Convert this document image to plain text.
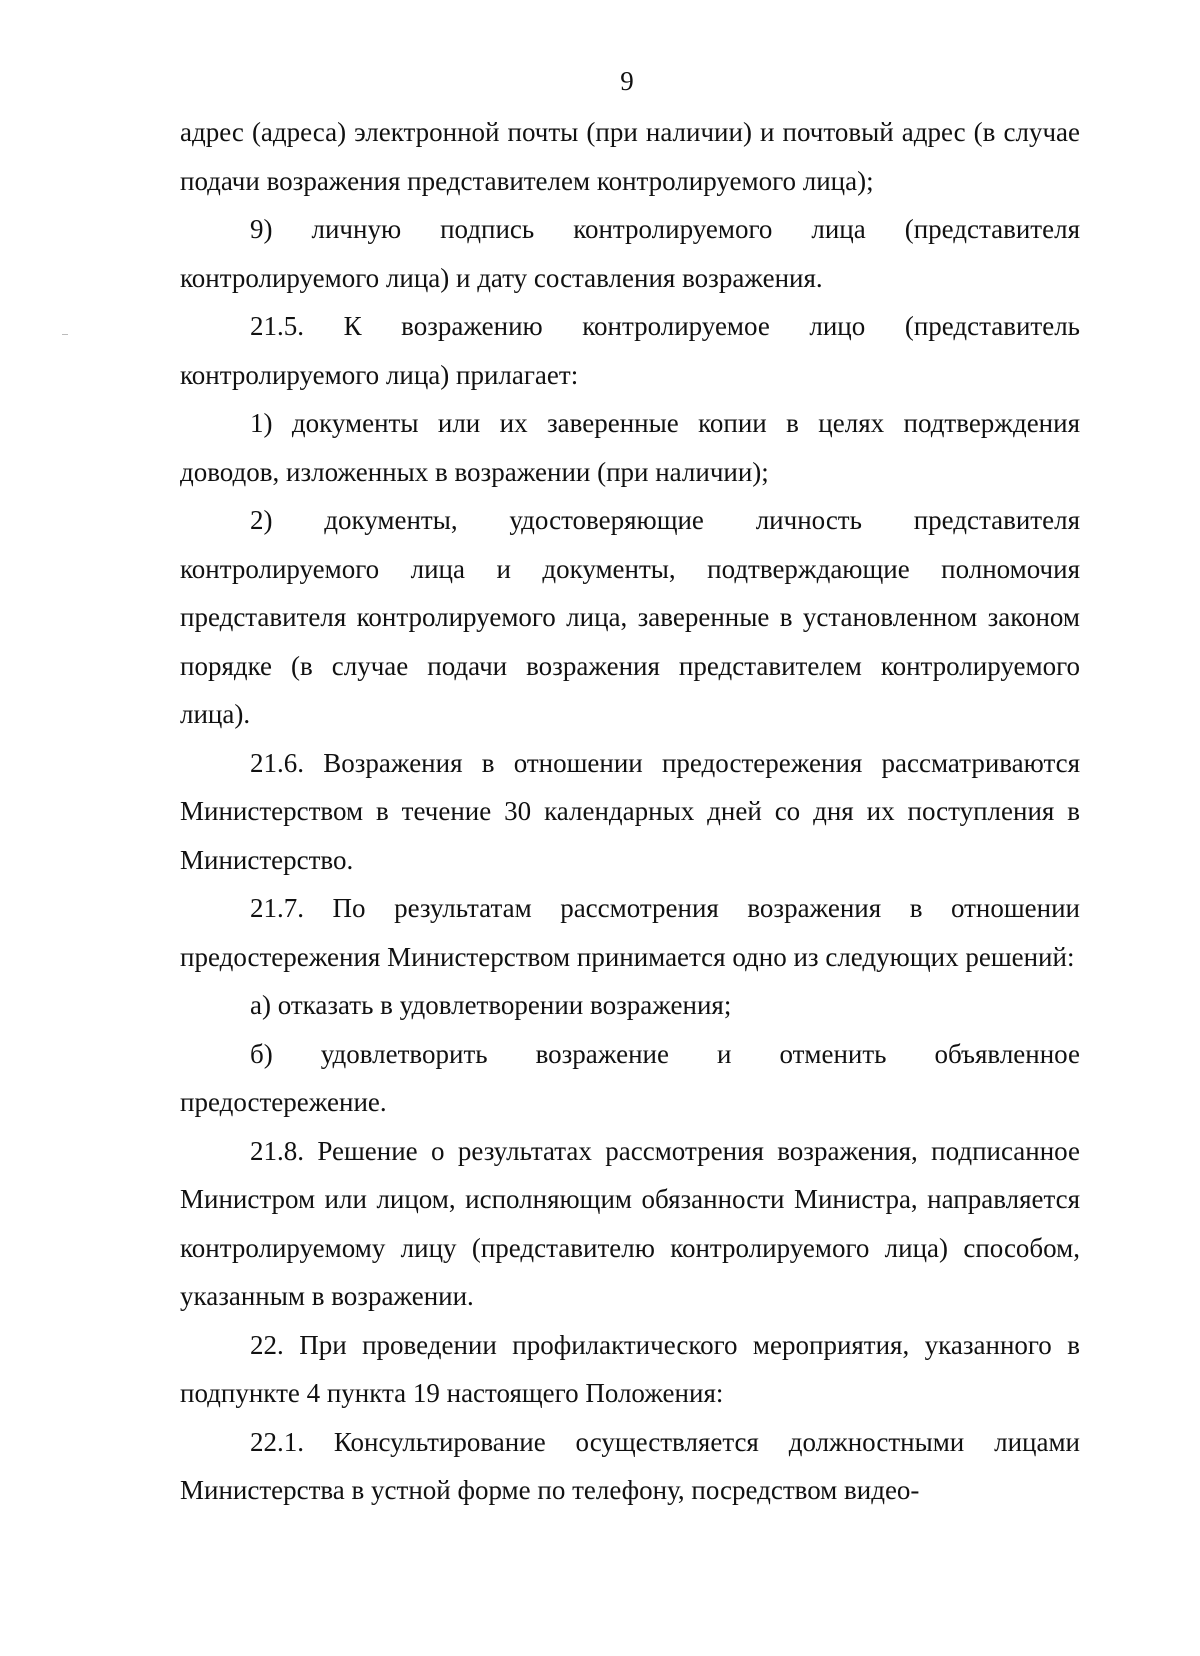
9

адрес (адреса) электронной почты (при наличии) и почтовый адрес (в случае подачи возражения представителем контролируемого лица);

9) личную подпись контролируемого лица (представителя контролируемого лица) и дату составления возражения.

21.5. К возражению контролируемое лицо (представитель контролируемого лица) прилагает:

1) документы или их заверенные копии в целях подтверждения доводов, изложенных в возражении (при наличии);

2) документы, удостоверяющие личность представителя контролируемого лица и документы, подтверждающие полномочия представителя контролируемого лица, заверенные в установленном законом порядке (в случае подачи возражения представителем контролируемого лица).

21.6. Возражения в отношении предостережения рассматриваются Министерством в течение 30 календарных дней со дня их поступления в Министерство.

21.7. По результатам рассмотрения возражения в отношении предостережения Министерством принимается одно из следующих решений:

а) отказать в удовлетворении возражения;

б) удовлетворить возражение и отменить объявленное предостережение.

21.8. Решение о результатах рассмотрения возражения, подписанное Министром или лицом, исполняющим обязанности Министра, направляется контролируемому лицу (представителю контролируемого лица) способом, указанным в возражении.

22. При проведении профилактического мероприятия, указанного в подпункте 4 пункта 19 настоящего Положения:

22.1. Консультирование осуществляется должностными лицами Министерства в устной форме по телефону, посредством видео-
